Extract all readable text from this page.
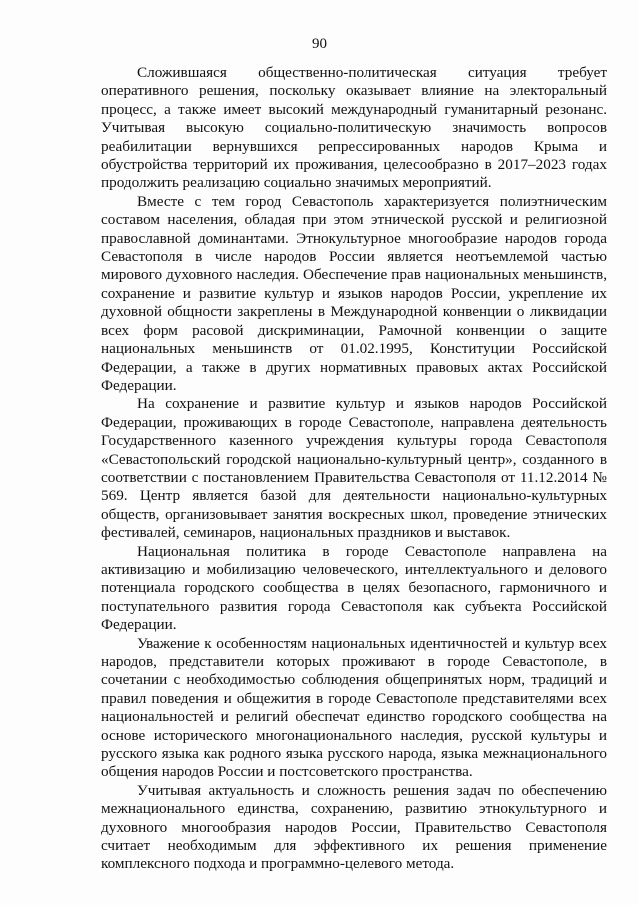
90

Сложившаяся общественно-политическая ситуация требует оперативного решения, поскольку оказывает влияние на электоральный процесс, а также имеет высокий международный гуманитарный резонанс. Учитывая высокую социально-политическую значимость вопросов реабилитации вернувшихся репрессированных народов Крыма и обустройства территорий их проживания, целесообразно в 2017–2023 годах продолжить реализацию социально значимых мероприятий.

Вместе с тем город Севастополь характеризуется полиэтническим составом населения, обладая при этом этнической русской и религиозной православной доминантами. Этнокультурное многообразие народов города Севастополя в числе народов России является неотъемлемой частью мирового духовного наследия. Обеспечение прав национальных меньшинств, сохранение и развитие культур и языков народов России, укрепление их духовной общности закреплены в Международной конвенции о ликвидации всех форм расовой дискриминации, Рамочной конвенции о защите национальных меньшинств от 01.02.1995, Конституции Российской Федерации, а также в других нормативных правовых актах Российской Федерации.

На сохранение и развитие культур и языков народов Российской Федерации, проживающих в городе Севастополе, направлена деятельность Государственного казенного учреждения культуры города Севастополя «Севастопольский городской национально-культурный центр», созданного в соответствии с постановлением Правительства Севастополя от 11.12.2014 № 569. Центр является базой для деятельности национально-культурных обществ, организовывает занятия воскресных школ, проведение этнических фестивалей, семинаров, национальных праздников и выставок.

Национальная политика в городе Севастополе направлена на активизацию и мобилизацию человеческого, интеллектуального и делового потенциала городского сообщества в целях безопасного, гармоничного и поступательного развития города Севастополя как субъекта Российской Федерации.

Уважение к особенностям национальных идентичностей и культур всех народов, представители которых проживают в городе Севастополе, в сочетании с необходимостью соблюдения общепринятых норм, традиций и правил поведения и общежития в городе Севастополе представителями всех национальностей и религий обеспечат единство городского сообщества на основе исторического многонационального наследия, русской культуры и русского языка как родного языка русского народа, языка межнационального общения народов России и постсоветского пространства.

Учитывая актуальность и сложность решения задач по обеспечению межнационального единства, сохранению, развитию этнокультурного и духовного многообразия народов России, Правительство Севастополя считает необходимым для эффективного их решения применение комплексного подхода и программно-целевого метода.
